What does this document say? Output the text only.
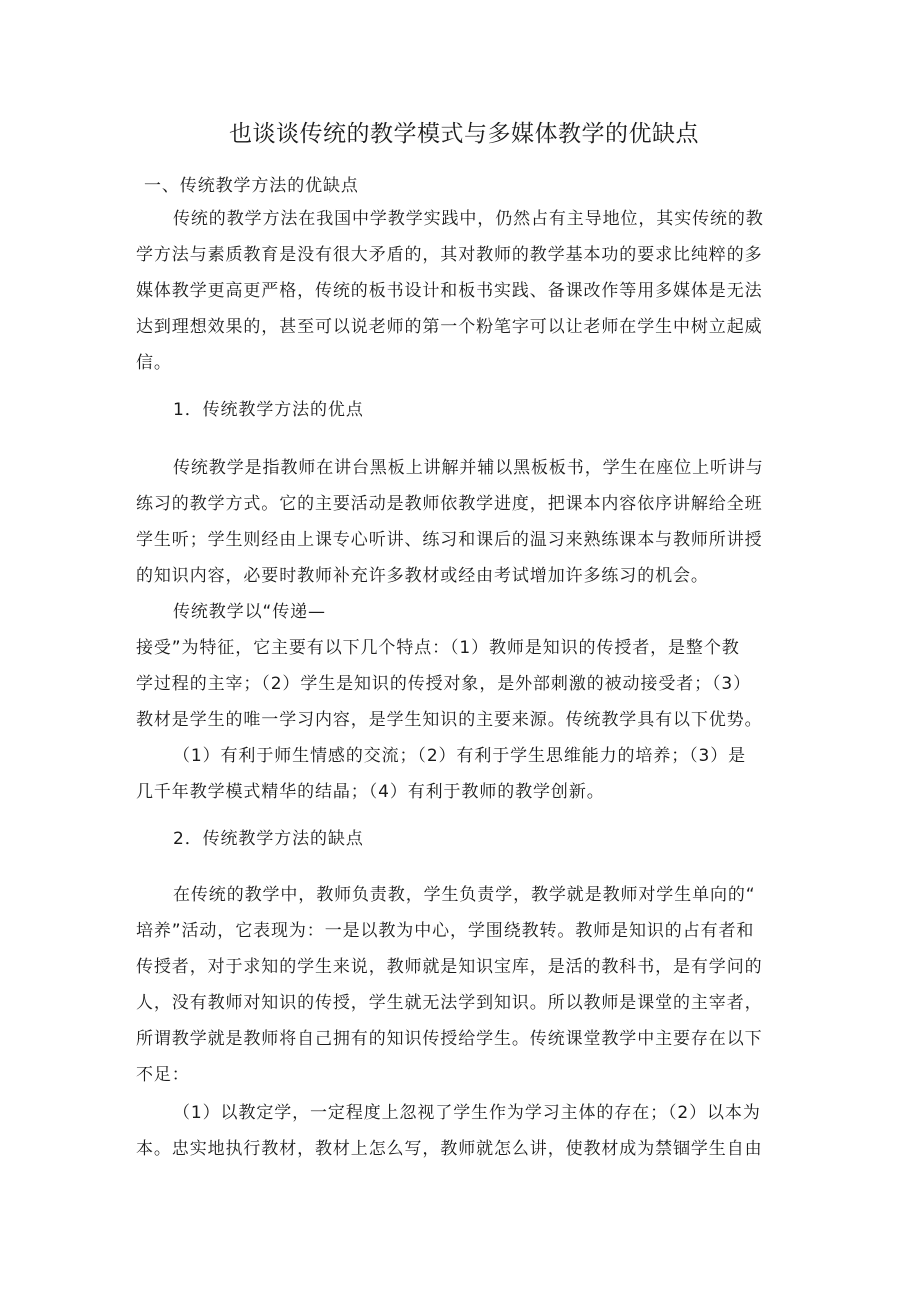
也谈谈传统的教学模式与多媒体教学的优缺点
一、传统教学方法的优缺点
传统的教学方法在我国中学教学实践中，仍然占有主导地位，其实传统的教
学方法与素质教育是没有很大矛盾的，其对教师的教学基本功的要求比纯粹的多
媒体教学更高更严格，传统的板书设计和板书实践、备课改作等用多媒体是无法
达到理想效果的，甚至可以说老师的第一个粉笔字可以让老师在学生中树立起威
信。
1．传统教学方法的优点
传统教学是指教师在讲台黑板上讲解并辅以黑板板书，学生在座位上听讲与
练习的教学方式。它的主要活动是教师依教学进度，把课本内容依序讲解给全班
学生听；学生则经由上课专心听讲、练习和课后的温习来熟练课本与教师所讲授
的知识内容，必要时教师补充许多教材或经由考试增加许多练习的机会。
传统教学以“传递—
接受”为特征，它主要有以下几个特点：（1）教师是知识的传授者，是整个教
学过程的主宰；（2）学生是知识的传授对象，是外部刺激的被动接受者；（3）
教材是学生的唯一学习内容，是学生知识的主要来源。传统教学具有以下优势。
（1）有利于师生情感的交流；（2）有利于学生思维能力的培养；（3）是
几千年教学模式精华的结晶；（4）有利于教师的教学创新。
2．传统教学方法的缺点
在传统的教学中，教师负责教，学生负责学，教学就是教师对学生单向的“
培养”活动，它表现为：一是以教为中心，学围绕教转。教师是知识的占有者和
传授者，对于求知的学生来说，教师就是知识宝库，是活的教科书，是有学问的
人，没有教师对知识的传授，学生就无法学到知识。所以教师是课堂的主宰者，
所谓教学就是教师将自己拥有的知识传授给学生。传统课堂教学中主要存在以下
不足：
（1）以教定学，一定程度上忽视了学生作为学习主体的存在；（2）以本为
本。忠实地执行教材，教材上怎么写，教师就怎么讲，使教材成为禁锢学生自由
